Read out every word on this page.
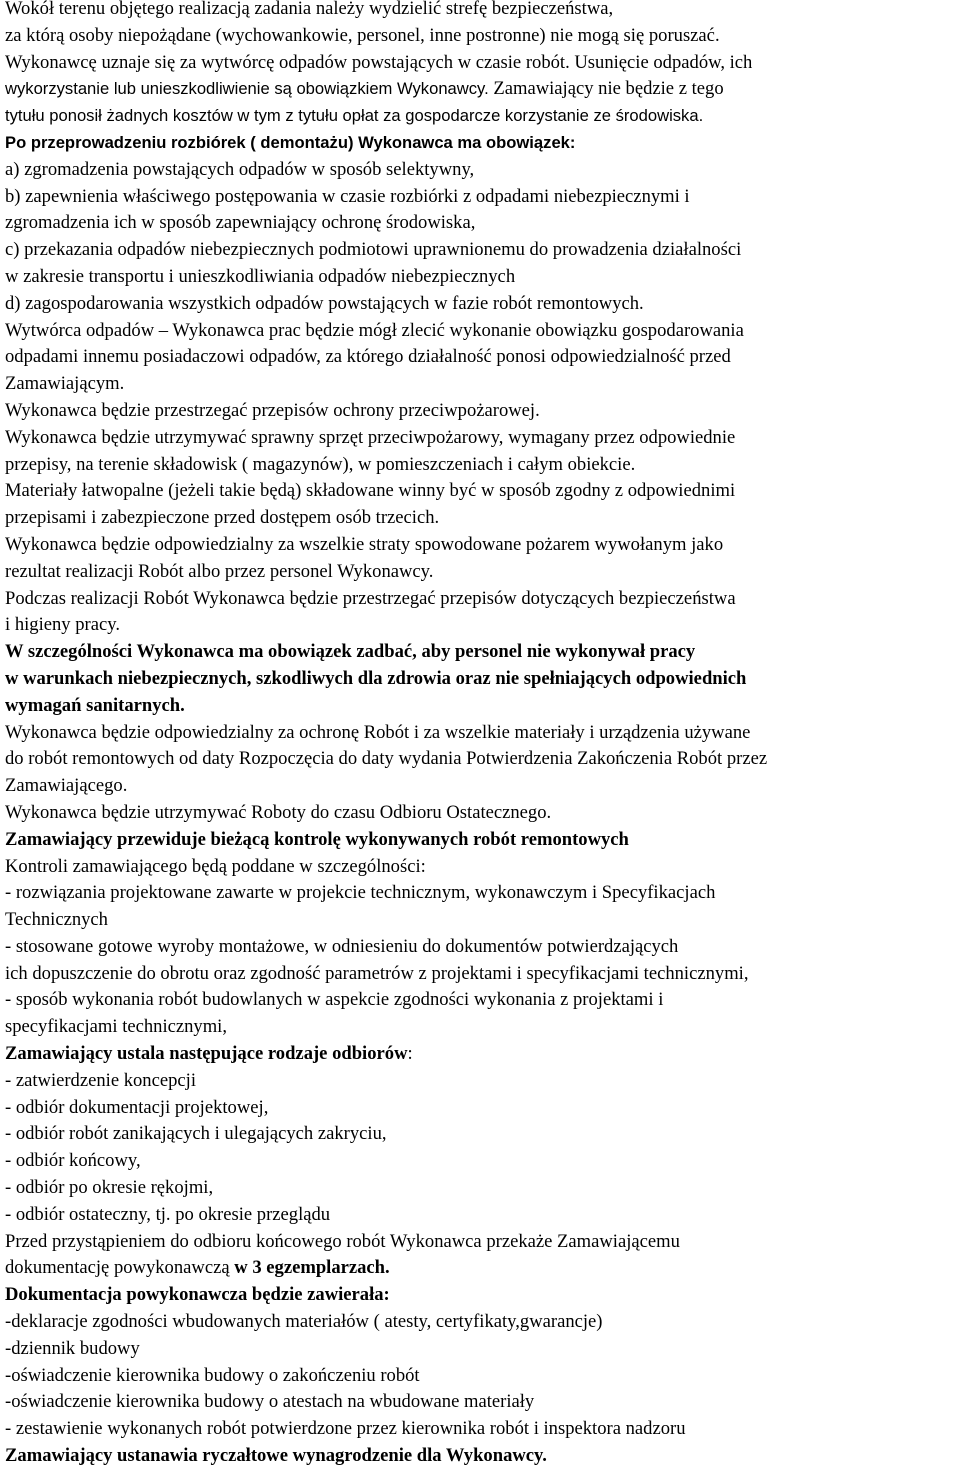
Wokół terenu objętego realizacją zadania należy wydzielić strefę bezpieczeństwa,
za którą osoby niepożądane (wychowankowie, personel, inne postronne) nie mogą się poruszać.
Wykonawcę uznaje się za wytwórcę odpadów powstających w czasie robót. Usunięcie odpadów, ich
wykorzystanie lub unieszkodliwienie są obowiązkiem Wykonawcy. Zamawiający nie będzie z tego
tytułu ponosił żadnych kosztów w tym z tytułu opłat za gospodarcze korzystanie ze środowiska.
Po przeprowadzeniu rozbiórek ( demontażu) Wykonawca ma obowiązek:
a) zgromadzenia powstających odpadów w sposób selektywny,
b) zapewnienia właściwego postępowania w czasie rozbiórki z odpadami niebezpiecznymi i
zgromadzenia ich w sposób zapewniający ochronę środowiska,
c) przekazania odpadów niebezpiecznych podmiotowi uprawnionemu do prowadzenia działalności
w zakresie transportu i unieszkodliwiania odpadów niebezpiecznych
d) zagospodarowania wszystkich odpadów powstających w fazie robót remontowych.
Wytwórca odpadów – Wykonawca prac będzie mógł zlecić wykonanie obowiązku gospodarowania
odpadami innemu posiadaczowi odpadów, za którego działalność ponosi odpowiedzialność przed
Zamawiającym.
Wykonawca będzie przestrzegać przepisów ochrony przeciwpożarowej.
Wykonawca będzie utrzymywać sprawny sprzęt przeciwpożarowy, wymagany przez odpowiednie
przepisy, na terenie składowisk ( magazynów), w pomieszczeniach i całym obiekcie.
Materiały łatwopalne (jeżeli takie będą) składowane winny być w sposób zgodny z odpowiednimi
przepisami i zabezpieczone przed dostępem osób trzecich.
Wykonawca będzie odpowiedzialny za wszelkie straty spowodowane pożarem wywołanym jako
rezultat realizacji Robót albo przez personel Wykonawcy.
Podczas realizacji Robót Wykonawca będzie przestrzegać przepisów dotyczących bezpieczeństwa
i higieny pracy.
W szczególności Wykonawca ma obowiązek zadbać, aby personel nie wykonywał pracy
w warunkach niebezpiecznych, szkodliwych dla zdrowia oraz nie spełniających odpowiednich
wymagań sanitarnych.
Wykonawca będzie odpowiedzialny za ochronę Robót i za wszelkie materiały i urządzenia używane
do robót remontowych od daty Rozpoczęcia do daty wydania Potwierdzenia Zakończenia Robót przez
Zamawiającego.
Wykonawca będzie utrzymywać Roboty do czasu Odbioru Ostatecznego.
Zamawiający przewiduje bieżącą kontrolę wykonywanych robót remontowych
Kontroli zamawiającego będą poddane w szczególności:
- rozwiązania projektowane zawarte w projekcie technicznym, wykonawczym i Specyfikacjach
Technicznych
- stosowane gotowe wyroby montażowe, w odniesieniu do dokumentów potwierdzających
ich dopuszczenie do obrotu oraz zgodność parametrów z projektami i specyfikacjami technicznymi,
- sposób wykonania robót budowlanych w aspekcie zgodności wykonania z projektami i
specyfikacjami technicznymi,
Zamawiający ustala następujące rodzaje odbiorów:
- zatwierdzenie koncepcji
- odbiór dokumentacji projektowej,
- odbiór robót zanikających i ulegających zakryciu,
- odbiór końcowy,
- odbiór po okresie rękojmi,
- odbiór ostateczny, tj. po okresie przeglądu
Przed przystąpieniem do odbioru końcowego robót Wykonawca przekaże Zamawiającemu
dokumentację powykonawczą w 3 egzemplarzach.
Dokumentacja powykonawcza będzie zawierała:
-deklaracje zgodności wbudowanych materiałów ( atesty, certyfikaty,gwarancje)
-dziennik budowy
-oświadczenie kierownika budowy o zakończeniu robót
-oświadczenie kierownika budowy o atestach na wbudowane materiały
- zestawienie wykonanych robót potwierdzone przez kierownika robót i inspektora nadzoru
Zamawiający ustanawia ryczałtowe wynagrodzenie dla Wykonawcy.
